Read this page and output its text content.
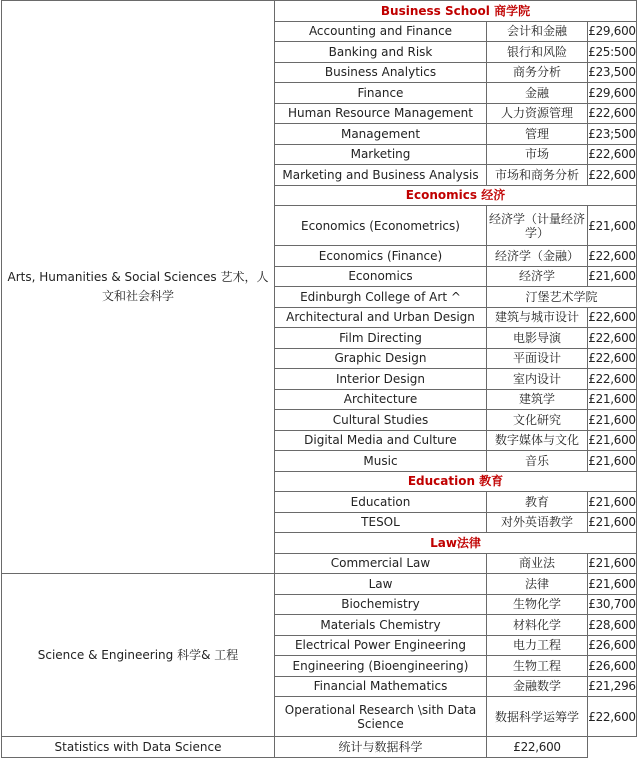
Arts, Humanities & Social Sciences 艺术，人文和社会科学	Business School 商学院		
	Accounting and Finance	会计和金融	£29,600
	Banking and Risk	银行和风险	£25:500
	Business Analytics	商务分析	£23,500
	Finance	金融	£29,600
	Human Resource Management	人力资源管理	£22,600
	Management	管理	£23;500
	Marketing	市场	£22,600
	Marketing and Business Analysis	市场和商务分析	£22,600
	Economics 经济		
	Economics (Econometrics)	经济学（计量经济学）	£21,600
	Economics (Finance)	经济学（金融）	£22,600
	Economics	经济学	£21,600
	Edinburgh College of Art ^	汀堡艺术学院	
	Architectural and Urban Design	建筑与城市设计	£22,600
	Film Directing	电影导演	£22,600
	Graphic Design	平面设计	£22,600
	Interior Design	室内设计	£22,600
	Architecture	建筑学	£21,600
	Cultural Studies	文化研究	£21,600
	Digital Media and Culture	数字媒体与文化	£21,600
	Music	音乐	£21,600
	Education 教育		
	Education	教育	£21,600
	TESOL	对外英语教学	£21,600
	Law法律		
	Commercial Law	商业法	£21,600
Science & Engineering 科学& 工程	Law	法律	£21,600
	Biochemistry	生物化学	£30,700
	Materials Chemistry	材料化学	£28,600
	Electrical Power Engineering	电力工程	£26,600
	Engineering (Bioengineering)	生物工程	£26,600
	Financial Mathematics	金融数学	£21,296
	Operational Research \sith Data Science	数据科学运筹学	£22,600
Statistics with Data Science	统计与数据科学	£22,600	
